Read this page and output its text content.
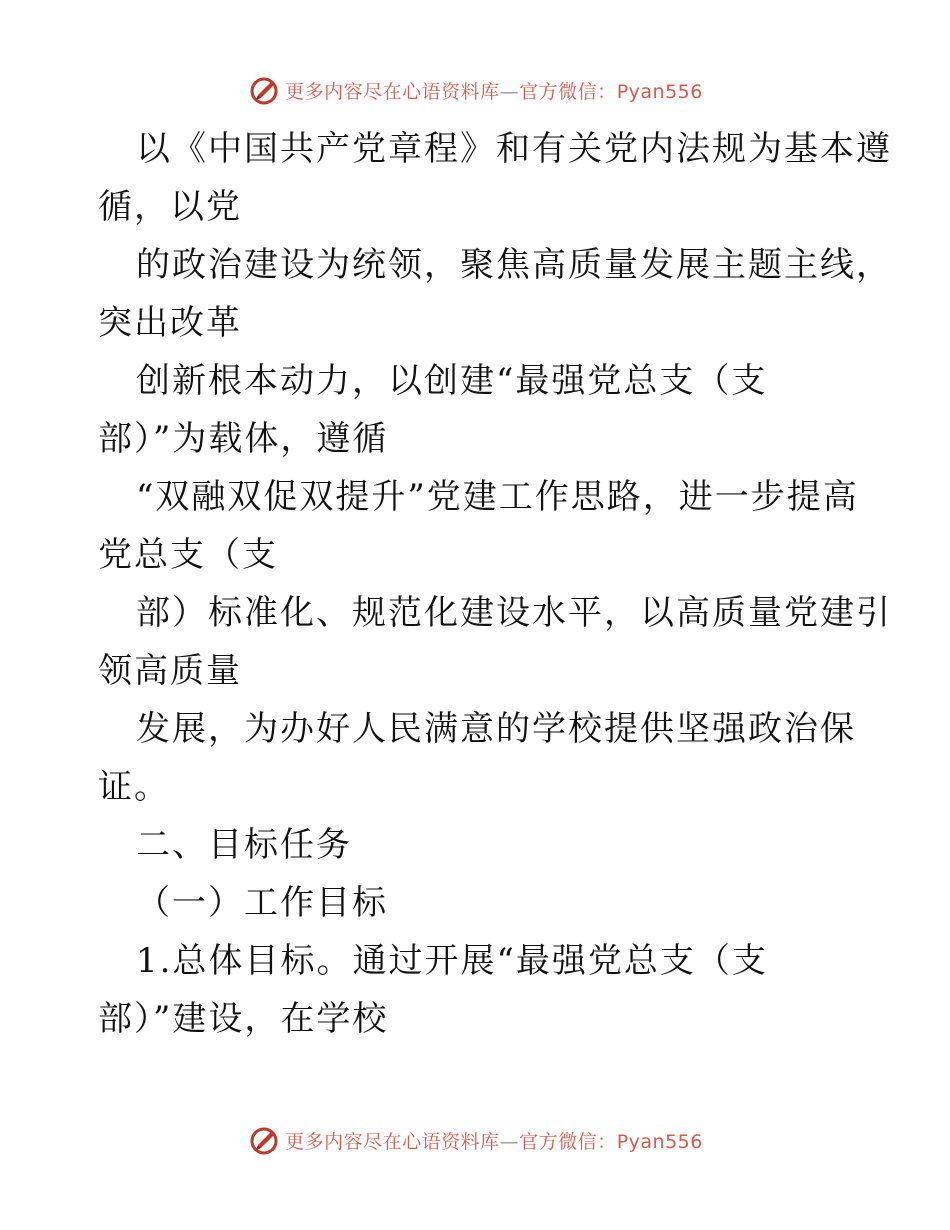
更多内容尽在心语资料库—官方微信：Pyan556
以《中国共产党章程》和有关党内法规为基本遵
循，以党
的政治建设为统领，聚焦高质量发展主题主线，
突出改革
创新根本动力，以创建“最强党总支（支
部）”为载体，遵循
“双融双促双提升”党建工作思路，进一步提高
党总支（支
部）标准化、规范化建设水平，以高质量党建引
领高质量
发展，为办好人民满意的学校提供坚强政治保
证。
二、目标任务
（一）工作目标
1.总体目标。通过开展“最强党总支（支
部）”建设，在学校
更多内容尽在心语资料库—官方微信：Pyan556
